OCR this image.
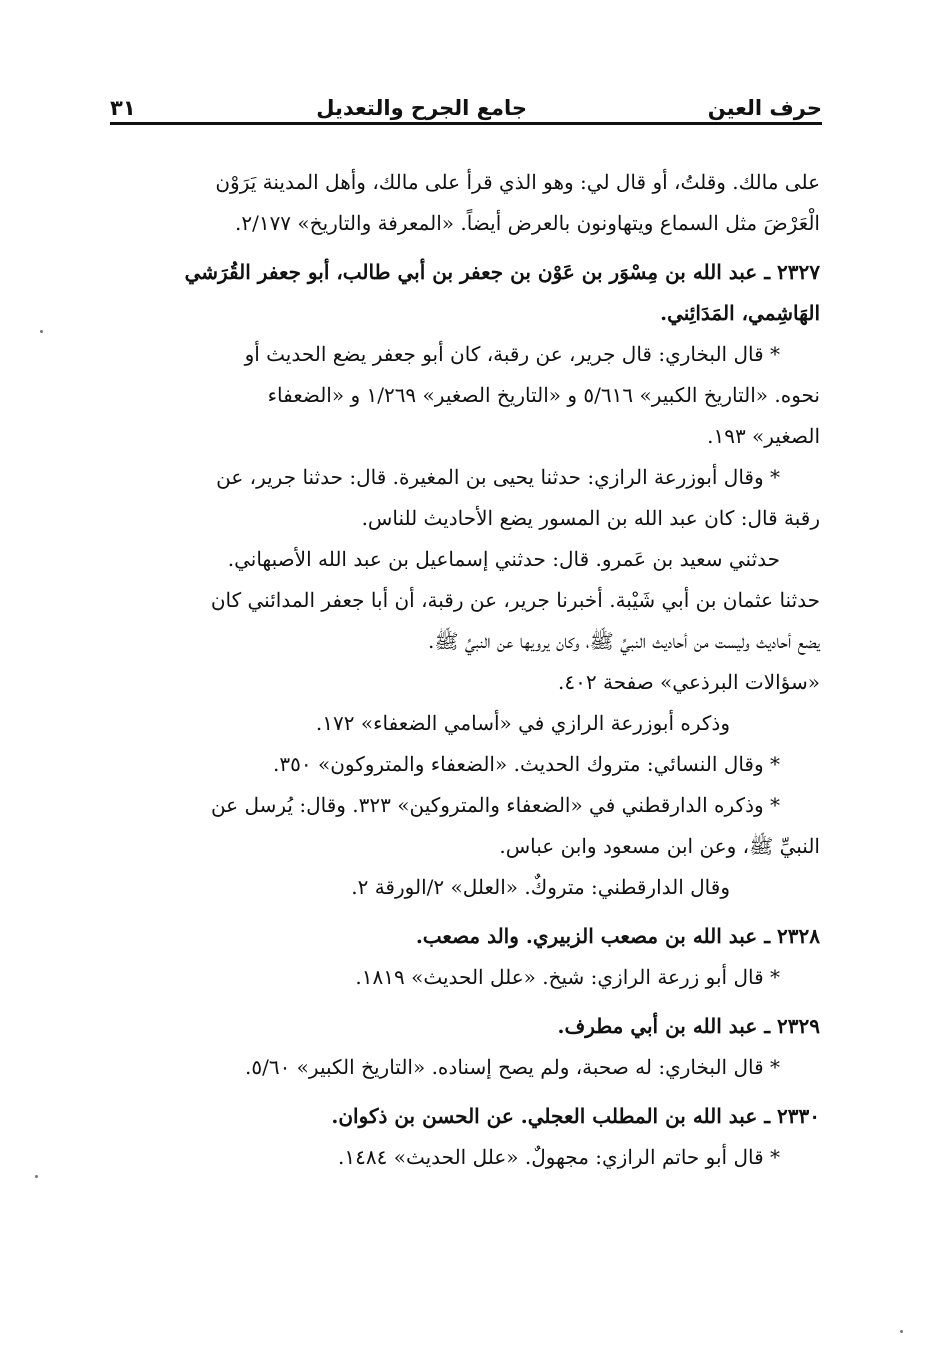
حرف العين
جامع الجرح والتعديل
٣١

على مالك. وقلتُ، أو قال لي: وهو الذي قرأ على مالك، وأهل المدينة يَرَوْن

الْعَرْضَ مثل السماع ويتهاونون بالعرض أيضاً. «المعرفة والتاريخ» ٢/١٧٧.

٢٣٢٧ ـ عبد الله بن مِسْوَر بن عَوْن بن جعفر بن أبي طالب، أبو جعفر القُرَشي

الهَاشِمي، المَدَائِني.

* قال البخاري: قال جرير، عن رقبة، كان أبو جعفر يضع الحديث أو

نحوه. «التاريخ الكبير» ٥/٦١٦ و «التاريخ الصغير» ١/٢٦٩ و «الضعفاء

الصغير» ١٩٣.

* وقال أبوزرعة الرازي: حدثنا يحيى بن المغيرة. قال: حدثنا جرير، عن

رقبة قال: كان عبد الله بن المسور يضع الأحاديث للناس.

حدثني سعيد بن عَمرو. قال: حدثني إسماعيل بن عبد الله الأصبهاني.

حدثنا عثمان بن أبي شَيْبة. أخبرنا جرير، عن رقبة، أن أبا جعفر المدائني كان

يضع أحاديث وليست من أحاديث النبيِّ ﷺ، وكان يرويها عن النبيِّ ﷺ.

«سؤالات البرذعي» صفحة ٤٠٢.

وذكره أبوزرعة الرازي في «أسامي الضعفاء» ١٧٢.

* وقال النسائي: متروك الحديث. «الضعفاء والمتروكون» ٣٥٠.

* وذكره الدارقطني في «الضعفاء والمتروكين» ٣٢٣. وقال: يُرسل عن

النبيِّ ﷺ، وعن ابن مسعود وابن عباس.

وقال الدارقطني: متروكٌ. «العلل» ٢/الورقة ٢.

٢٣٢٨ ـ عبد الله بن مصعب الزبيري. والد مصعب.

* قال أبو زرعة الرازي: شيخ. «علل الحديث» ١٨١٩.

٢٣٢٩ ـ عبد الله بن أبي مطرف.

* قال البخاري: له صحبة، ولم يصح إسناده. «التاريخ الكبير» ٥/٦٠.

٢٣٣٠ ـ عبد الله بن المطلب العجلي. عن الحسن بن ذكوان.

* قال أبو حاتم الرازي: مجهولٌ. «علل الحديث» ١٤٨٤.
